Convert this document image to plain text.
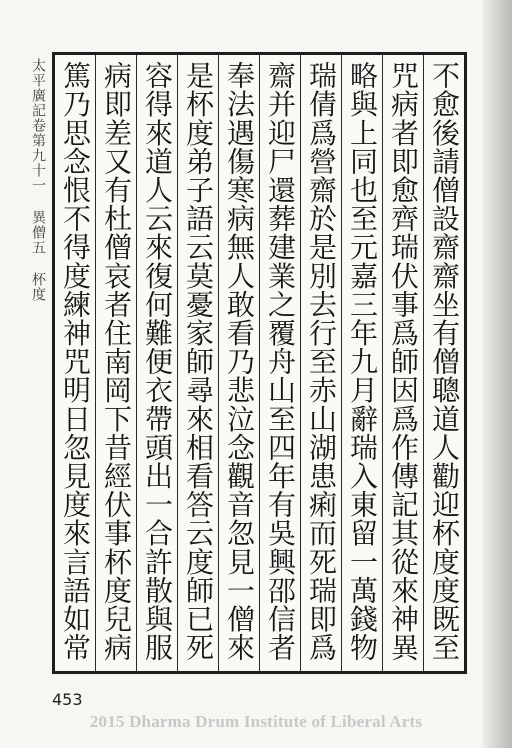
太平廣記卷第九十一 異僧五 杯度	不愈後請僧設齋齋坐有僧聰道人勸迎杯度度既至
咒病者即愈齊瑞伏事爲師因爲作傳記其從來神異
略與上同也至元嘉三年九月辭瑞入東留一萬錢物
瑞倩爲營齋於是別去行至赤山湖患痢而死瑞即爲
齋并迎尸還葬建業之覆舟山至四年有吳興邵信者
奉法遇傷寒病無人敢看乃悲泣念觀音忽見一僧來
是杯度弟子語云莫憂家師尋來相看答云度師已死
容得來道人云來復何難便衣帶頭出一合許散與服
病即差又有杜僧哀者住南岡下昔經伏事杯度兒病
篤乃思念恨不得度練神咒明日忽見度來言語如常
453
2015 Dharma Drum Institute of Liberal Arts
